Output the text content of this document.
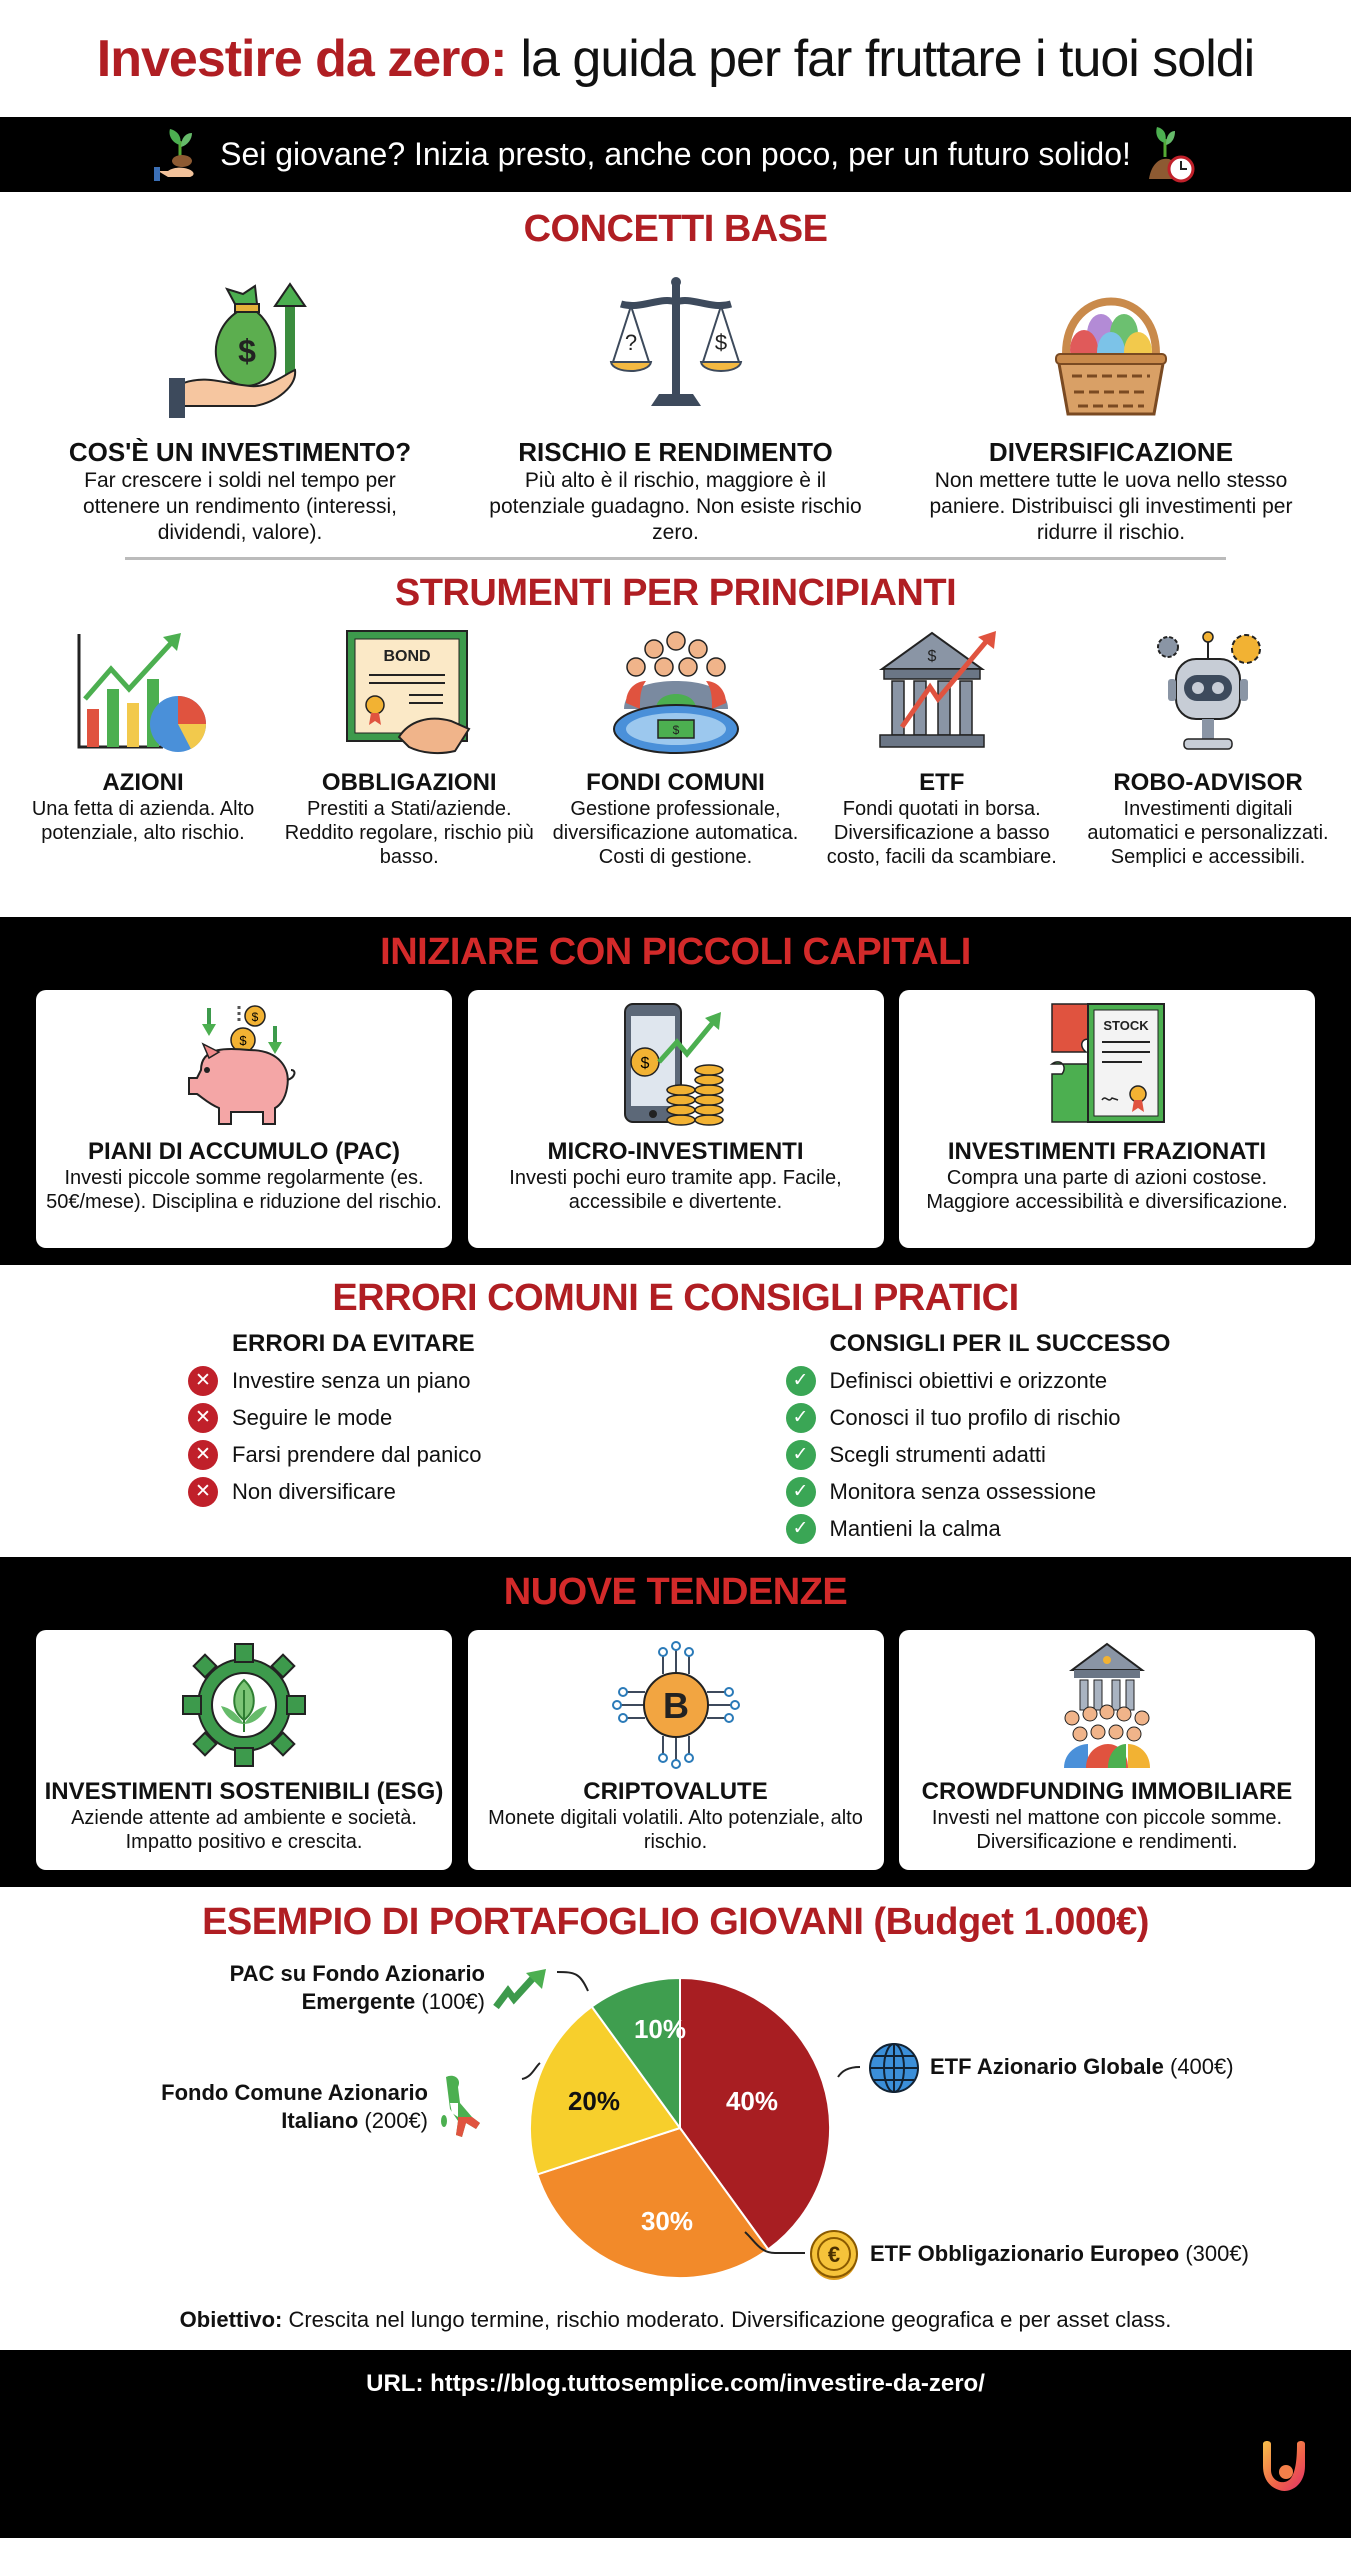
Investire da zero: la guida per far fruttare i tuoi soldi
Sei giovane? Inizia presto, anche con poco, per un futuro solido!
CONCETTI BASE
$
COS'È UN INVESTIMENTO?

Far crescere i soldi nel tempo per ottenere un rendimento (interessi, dividendi, valore).

?	$
RISCHIO E RENDIMENTO

Più alto è il rischio, maggiore è il potenziale guadagno. Non esiste rischio zero.

DIVERSIFICAZIONE

Non mettere tutte le uova nello stesso paniere. Distribuisci gli investimenti per ridurre il rischio.

STRUMENTI PER PRINCIPIANTI
AZIONI

Una fetta di azienda. Alto potenziale, alto rischio.

BOND
OBBLIGAZIONI

Prestiti a Stati/aziende. Reddito regolare, rischio più basso.

$
FONDI COMUNI

Gestione professionale, diversificazione automatica. Costi di gestione.

$
ETF

Fondi quotati in borsa. Diversificazione a basso costo, facili da scambiare.

ROBO-ADVISOR

Investimenti digitali automatici e personalizzati. Semplici e accessibili.

INIZIARE CON PICCOLI CAPITALI
$
$
PIANI DI ACCUMULO (PAC)

Investi piccole somme regolarmente (es. 50€/mese). Disciplina e riduzione del rischio.

$
MICRO-INVESTIMENTI

Investi pochi euro tramite app. Facile, accessibile e divertente.

STOCK
INVESTIMENTI FRAZIONATI

Compra una parte di azioni costose. Maggiore accessibilità e diversificazione.

ERRORI COMUNI E CONSIGLI PRATICI
ERRORI DA EVITARE
✕ Investire senza un piano
✕ Seguire le mode
✕ Farsi prendere dal panico
✕ Non diversificare
CONSIGLI PER IL SUCCESSO
✓ Definisci obiettivi e orizzonte
✓ Conosci il tuo profilo di rischio
✓ Scegli strumenti adatti
✓ Monitora senza ossessione
✓ Mantieni la calma
NUOVE TENDENZE
INVESTIMENTI SOSTENIBILI (ESG)

Aziende attente ad ambiente e società. Impatto positivo e crescita.

B
CRIPTOVALUTE

Monete digitali volatili. Alto potenziale, alto rischio.

CROWDFUNDING IMMOBILIARE

Investi nel mattone con piccole somme. Diversificazione e rendimenti.

ESEMPIO DI PORTAFOGLIO GIOVANI (Budget 1.000€)
40%
30%
20%
10%
PAC su Fondo Azionario
Emergente (100€)
Fondo Comune Azionario
Italiano (200€)
ETF Azionario Globale (400€)
€ ETF Obbligazionario Europeo (300€)
Obiettivo: Crescita nel lungo termine, rischio moderato. Diversificazione geografica e per asset class.
URL: https://blog.tuttosemplice.com/investire-da-zero/
